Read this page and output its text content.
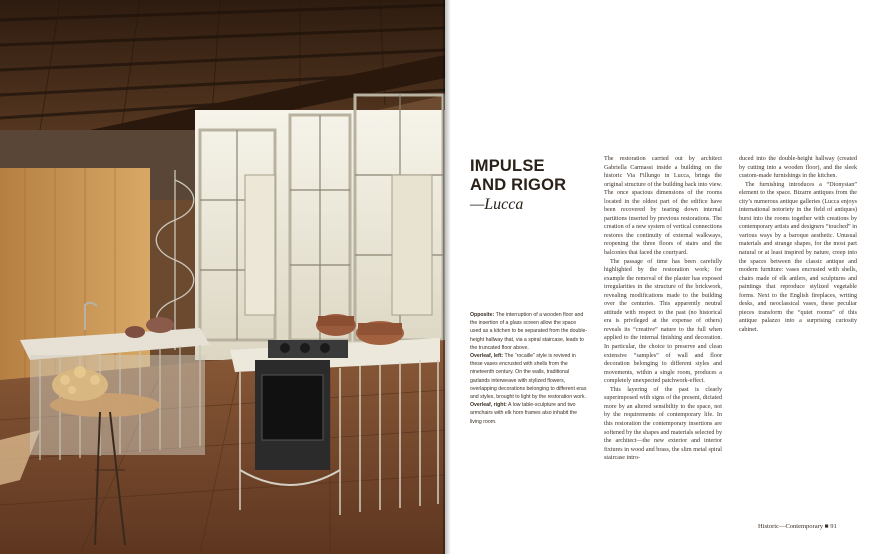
IMPULSE
AND RIGOR
—Lucca

Opposite: The interruption of a wooden floor and the insertion of a glass screen allow the space used as a kitchen to be separated from the double-height hallway that, via a spiral staircase, leads to the truncated floor above.

Overleaf, left: The “rocaille” style is revived in these vases encrusted with shells from the nineteenth century. On the walls, traditional garlands interweave with stylized flowers, overlapping decorations belonging to different eras and styles, brought to light by the restoration work.

Overleaf, right: A low table-sculpture and two armchairs with elk horn frames also inhabit the living room.

The restoration carried out by architect Gabriella Carmassi inside a building on the historic Via Fillungo in Lucca, brings the original structure of the building back into view. The once spacious dimensions of the rooms located in the oldest part of the edifice have been recovered by tearing down internal partitions inserted by previous restorations. The creation of a new system of vertical connections restores the continuity of external walkways, reopening the three floors of stairs and the balconies that faced the courtyard.

The passage of time has been carefully highlighted by the restoration work; for example the removal of the plaster has exposed irregularities in the structure of the brickwork, revealing modifications made to the building over the centuries. This apparently neutral attitude with respect to the past (no historical era is privileged at the expense of others) reveals its “creative” nature to the full when applied to the internal finishing and decoration. In particular, the choice to preserve and clean extensive “samples” of wall and floor decoration belonging to different styles and movements, within a single room, produces a completely unexpected patchwork-effect.

This layering of the past is clearly superimposed with signs of the present, dictated more by an altered sensibility to the space, not by the requirements of contemporary life. In this restoration the contemporary insertions are softened by the shapes and materials selected by the architect—the new exterior and interior fixtures in wood and brass, the slim metal spiral staircase intro-

duced into the double-height hallway (created by cutting into a wooden floor), and the sleek custom-made furnishings in the kitchen.

The furnishing introduces a “Dionysian” element to the space. Bizarre antiques from the city’s numerous antique galleries (Lucca enjoys international notoriety in the field of antiques) burst into the rooms together with creations by contemporary artists and designers “touched” in various ways by a baroque aesthetic. Unusual materials and strange shapes, for the most part natural or at least inspired by nature, creep into the spaces between the classic antique and modern furniture: vases encrusted with shells, chairs made of elk antlers, and sculptures and paintings that reproduce stylized vegetable forms. Next to the English fireplaces, writing desks, and neoclassical vases, these peculiar pieces transform the “quiet rooms” of this antique palazzo into a surprising curiosity cabinet.

Historic—Contemporary ■ 91
